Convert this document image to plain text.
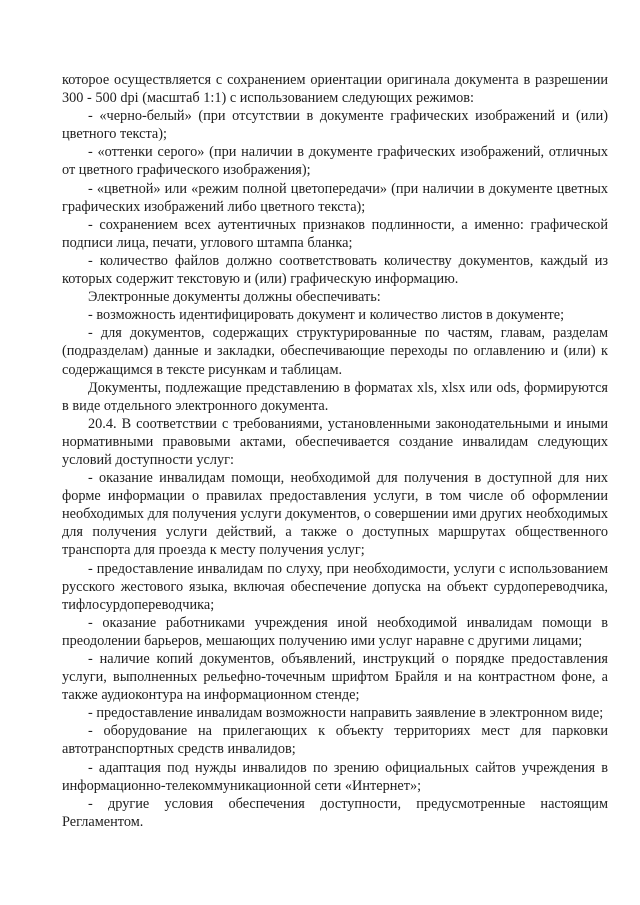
которое осуществляется с сохранением ориентации оригинала документа в разрешении 300 - 500 dpi (масштаб 1:1) с использованием следующих режимов:

- «черно-белый» (при отсутствии в документе графических изображений и (или) цветного текста);

- «оттенки серого» (при наличии в документе графических изображений, отличных от цветного графического изображения);

- «цветной» или «режим полной цветопередачи» (при наличии в документе цветных графических изображений либо цветного текста);

- сохранением всех аутентичных признаков подлинности, а именно: графической подписи лица, печати, углового штампа бланка;

- количество файлов должно соответствовать количеству документов, каждый из которых содержит текстовую и (или) графическую информацию.

Электронные документы должны обеспечивать:

- возможность идентифицировать документ и количество листов в документе;

- для документов, содержащих структурированные по частям, главам, разделам (подразделам) данные и закладки, обеспечивающие переходы по оглавлению и (или) к содержащимся в тексте рисункам и таблицам.

Документы, подлежащие представлению в форматах xls, xlsx или ods, формируются в виде отдельного электронного документа.

20.4. В соответствии с требованиями, установленными законодательными и иными нормативными правовыми актами, обеспечивается создание инвалидам следующих условий доступности услуг:

- оказание инвалидам помощи, необходимой для получения в доступной для них форме информации о правилах предоставления услуги, в том числе об оформлении необходимых для получения услуги документов, о совершении ими других необходимых для получения услуги действий, а также о доступных маршрутах общественного транспорта для проезда к месту получения услуг;

- предоставление инвалидам по слуху, при необходимости, услуги с использованием русского жестового языка, включая обеспечение допуска на объект сурдопереводчика, тифлосурдопереводчика;

- оказание работниками учреждения иной необходимой инвалидам помощи в преодолении барьеров, мешающих получению ими услуг наравне с другими лицами;

- наличие копий документов, объявлений, инструкций о порядке предоставления услуги, выполненных рельефно-точечным шрифтом Брайля и на контрастном фоне, а также аудиоконтура на информационном стенде;

- предоставление инвалидам возможности направить заявление в электронном виде;

- оборудование на прилегающих к объекту территориях мест для парковки автотранспортных средств инвалидов;

- адаптация под нужды инвалидов по зрению официальных сайтов учреждения в информационно-телекоммуникационной сети «Интернет»;

- другие условия обеспечения доступности, предусмотренные настоящим Регламентом.
